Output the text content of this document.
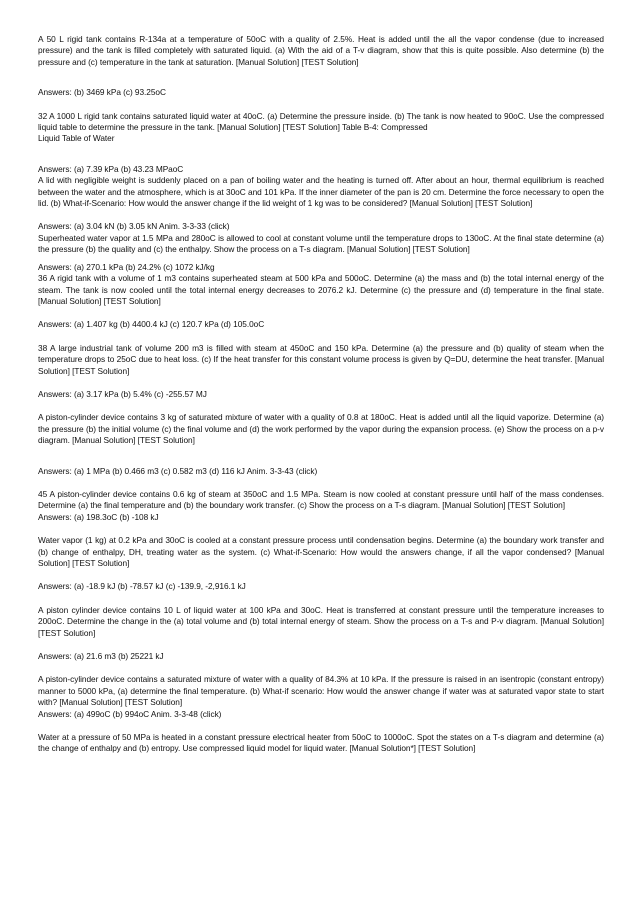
A 50 L rigid tank contains R-134a at a temperature of 50oC with a quality of 2.5%. Heat is added until the all the vapor condense (due to increased pressure) and the tank is filled completely with saturated liquid. (a) With the aid of a T-v diagram, show that this is quite possible. Also determine (b) the pressure and (c) temperature in the tank at saturation. [Manual Solution] [TEST Solution]

Answers: (b) 3469 kPa (c) 93.25oC

32 A 1000 L rigid tank contains saturated liquid water at 40oC. (a) Determine the pressure inside. (b) The tank is now heated to 90oC. Use the compressed liquid table to determine the pressure in the tank. [Manual Solution] [TEST Solution] Table B-4: Compressed
Liquid Table of Water

Answers: (a) 7.39 kPa (b) 43.23 MPaoC
A lid with negligible weight is suddenly placed on a pan of boiling water and the heating is turned off. After about an hour, thermal equilibrium is reached between the water and the atmosphere, which is at 30oC and 101 kPa. If the inner diameter of the pan is 20 cm. Determine the force necessary to open the lid. (b) What-if-Scenario: How would the answer change if the lid weight of 1 kg was to be considered? [Manual Solution] [TEST Solution]

Answers: (a) 3.04 kN (b) 3.05 kN Anim. 3-3-33 (click)
Superheated water vapor at 1.5 MPa and 280oC is allowed to cool at constant volume until the temperature drops to 130oC. At the final state determine (a) the pressure (b) the quality and (c) the enthalpy. Show the process on a T-s diagram. [Manual Solution] [TEST Solution]

Answers: (a) 270.1 kPa (b) 24.2% (c) 1072 kJ/kg
36 A rigid tank with a volume of 1 m3 contains superheated steam at 500 kPa and 500oC. Determine (a) the mass and (b) the total internal energy of the steam. The tank is now cooled until the total internal energy decreases to 2076.2 kJ. Determine (c) the pressure and (d) temperature in the final state. [Manual Solution] [TEST Solution]

Answers: (a) 1.407 kg (b) 4400.4 kJ (c) 120.7 kPa (d) 105.0oC

38 A large industrial tank of volume 200 m3 is filled with steam at 450oC and 150 kPa. Determine (a) the pressure and (b) quality of steam when the temperature drops to 25oC due to heat loss. (c) If the heat transfer for this constant volume process is given by Q=DU, determine the heat transfer. [Manual Solution] [TEST Solution]

Answers: (a) 3.17 kPa (b) 5.4% (c) -255.57 MJ

A piston-cylinder device contains 3 kg of saturated mixture of water with a quality of 0.8 at 180oC. Heat is added until all the liquid vaporize. Determine (a) the pressure (b) the initial volume (c) the final volume and (d) the work performed by the vapor during the expansion process. (e) Show the process on a p-v diagram. [Manual Solution] [TEST Solution]

Answers: (a) 1 MPa (b) 0.466 m3 (c) 0.582 m3 (d) 116 kJ Anim. 3-3-43 (click)

45 A piston-cylinder device contains 0.6 kg of steam at 350oC and 1.5 MPa. Steam is now cooled at constant pressure until half of the mass condenses. Determine (a) the final temperature and (b) the boundary work transfer. (c) Show the process on a T-s diagram. [Manual Solution] [TEST Solution]
Answers: (a) 198.3oC (b) -108 kJ

Water vapor (1 kg) at 0.2 kPa and 30oC is cooled at a constant pressure process until condensation begins. Determine (a) the boundary work transfer and (b) change of enthalpy, DH, treating water as the system. (c) What-if-Scenario: How would the answers change, if all the vapor condensed? [Manual Solution] [TEST Solution]

Answers: (a) -18.9 kJ (b) -78.57 kJ (c) -139.9, -2,916.1 kJ

A piston cylinder device contains 10 L of liquid water at 100 kPa and 30oC. Heat is transferred at constant pressure until the temperature increases to 200oC. Determine the change in the (a) total volume and (b) total internal energy of steam. Show the process on a T-s and P-v diagram. [Manual Solution] [TEST Solution]

Answers: (a) 21.6 m3 (b) 25221 kJ

A piston-cylinder device contains a saturated mixture of water with a quality of 84.3% at 10 kPa. If the pressure is raised in an isentropic (constant entropy) manner to 5000 kPa, (a) determine the final temperature. (b) What-if scenario: How would the answer change if water was at saturated vapor state to start with? [Manual Solution] [TEST Solution]
Answers: (a) 499oC (b) 994oC Anim. 3-3-48 (click)

Water at a pressure of 50 MPa is heated in a constant pressure electrical heater from 50oC to 1000oC. Spot the states on a T-s diagram and determine (a) the change of enthalpy and (b) entropy. Use compressed liquid model for liquid water. [Manual Solution*] [TEST Solution]
